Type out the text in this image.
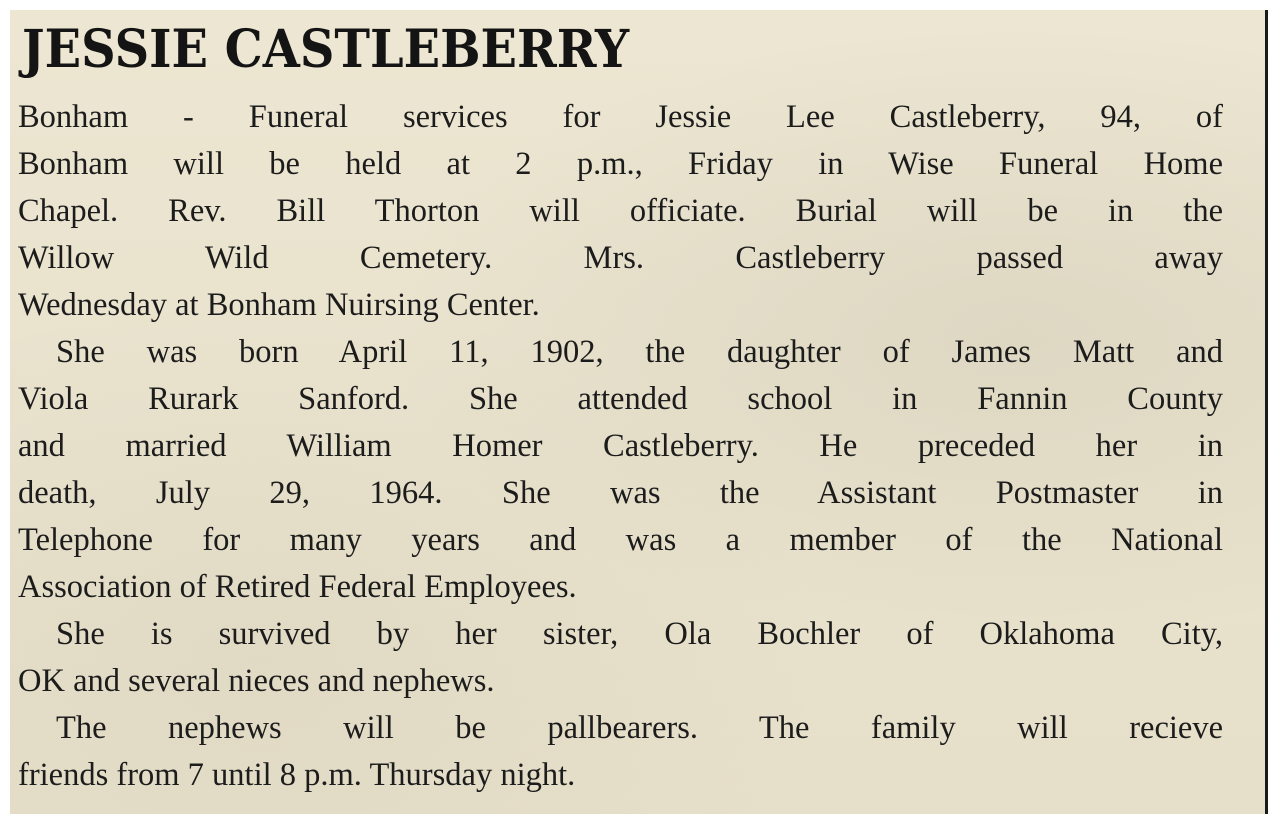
JESSIE CASTLEBERRY
Bonham - Funeral services for Jessie Lee Castleberry, 94, of
Bonham will be held at 2 p.m., Friday in Wise Funeral Home
Chapel. Rev. Bill Thorton will officiate. Burial will be in the
Willow Wild Cemetery. Mrs. Castleberry passed away
Wednesday at Bonham Nuirsing Center.
She was born April 11, 1902, the daughter of James Matt and
Viola Rurark Sanford. She attended school in Fannin County
and married William Homer Castleberry. He preceded her in
death, July 29, 1964. She was the Assistant Postmaster in
Telephone for many years and was a member of the National
Association of Retired Federal Employees.
She is survived by her sister, Ola Bochler of Oklahoma City,
OK and several nieces and nephews.
The nephews will be pallbearers. The family will recieve
friends from 7 until 8 p.m. Thursday night.
